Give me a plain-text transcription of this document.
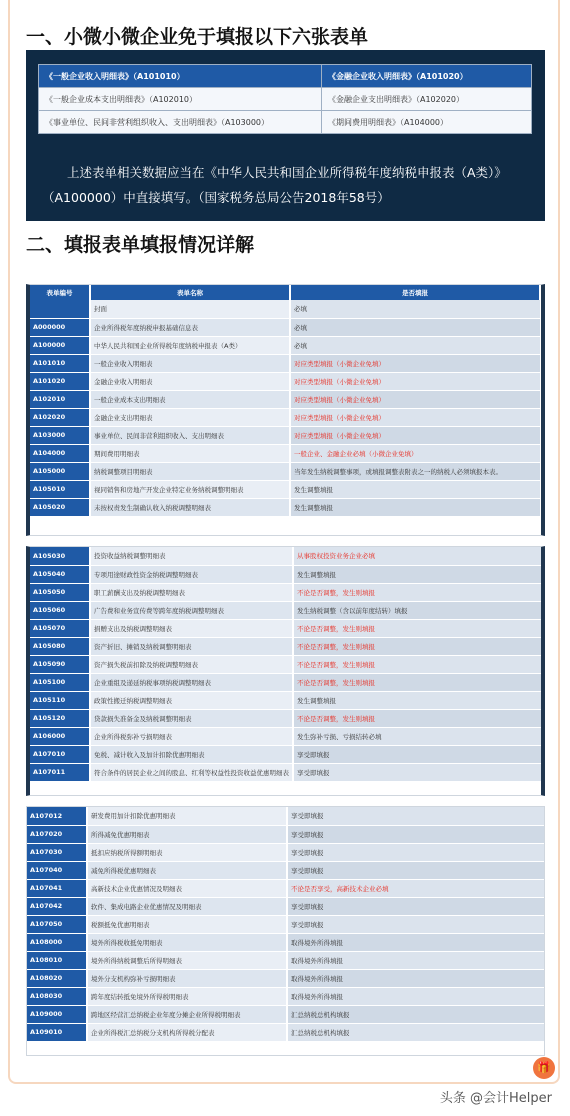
一、小微小微企业免于填报以下六张表单
《一般企业收入明细表》（A101010）	《金融企业收入明细表》（A101020）
《一般企业成本支出明细表》（A102010）	《金融企业支出明细表》（A102020）
《事业单位、民间非营利组织收入、支出明细表》（A103000）	《期间费用明细表》（A104000）
上述表单相关数据应当在《中华人民共和国企业所得税年度纳税申报表（A类）》（A100000）中直接填写。（国家税务总局公告2018年58号）
二、填报表单填报情况详解
表单编号	表单名称	是否填报
	封面	必填
A000000	企业所得税年度纳税申报基础信息表	必填
A100000	中华人民共和国企业所得税年度纳税申报表（A类）	必填
A101010	一般企业收入明细表	对应类型填报（小微企业免填）
A101020	金融企业收入明细表	对应类型填报（小微企业免填）
A102010	一般企业成本支出明细表	对应类型填报（小微企业免填）
A102020	金融企业支出明细表	对应类型填报（小微企业免填）
A103000	事业单位、民间非营利组织收入、支出明细表	对应类型填报（小微企业免填）
A104000	期间费用明细表	一般企业、金融企业必填（小微企业免填）
A105000	纳税调整项目明细表	当年发生纳税调整事项，或填报调整表附表之一的纳税人必须填报本表。
A105010	视同销售和房地产开发企业特定业务纳税调整明细表	发生调整填报
A105020	未按权责发生制确认收入纳税调整明细表	发生调整填报
A105030	投资收益纳税调整明细表	从事股权投资业务企业必填
A105040	专项用途财政性资金纳税调整明细表	发生调整填报
A105050	职工薪酬支出及纳税调整明细表	不论是否调整，发生则填报
A105060	广告费和业务宣传费等跨年度纳税调整明细表	发生纳税调整（含以前年度结转）填报
A105070	捐赠支出及纳税调整明细表	不论是否调整，发生则填报
A105080	资产折旧、摊销及纳税调整明细表	不论是否调整，发生则填报
A105090	资产损失税前扣除及纳税调整明细表	不论是否调整，发生则填报
A105100	企业重组及递延纳税事项纳税调整明细表	不论是否调整，发生则填报
A105110	政策性搬迁纳税调整明细表	发生调整填报
A105120	贷款损失准备金及纳税调整明细表	不论是否调整，发生则填报
A106000	企业所得税弥补亏损明细表	发生弥补亏损、亏损结转必填
A107010	免税、减计收入及加计扣除优惠明细表	享受即填报
A107011	符合条件的居民企业之间的股息、红利等权益性投资收益优惠明细表	享受即填报
A107012	研发费用加计扣除优惠明细表	享受即填报
A107020	所得减免优惠明细表	享受即填报
A107030	抵扣应纳税所得额明细表	享受即填报
A107040	减免所得税优惠明细表	享受即填报
A107041	高新技术企业优惠情况及明细表	不论是否享受，高新技术企业必填
A107042	软件、集成电路企业优惠情况及明细表	享受即填报
A107050	税额抵免优惠明细表	享受即填报
A108000	境外所得税收抵免明细表	取得境外所得填报
A108010	境外所得纳税调整后所得明细表	取得境外所得填报
A108020	境外分支机构弥补亏损明细表	取得境外所得填报
A108030	跨年度结转抵免境外所得税明细表	取得境外所得填报
A109000	跨地区经营汇总纳税企业年度分摊企业所得税明细表	汇总纳税总机构填报
A109010	企业所得税汇总纳税分支机构所得税分配表	汇总纳税总机构填报
🎁
头条 @会计Helper
